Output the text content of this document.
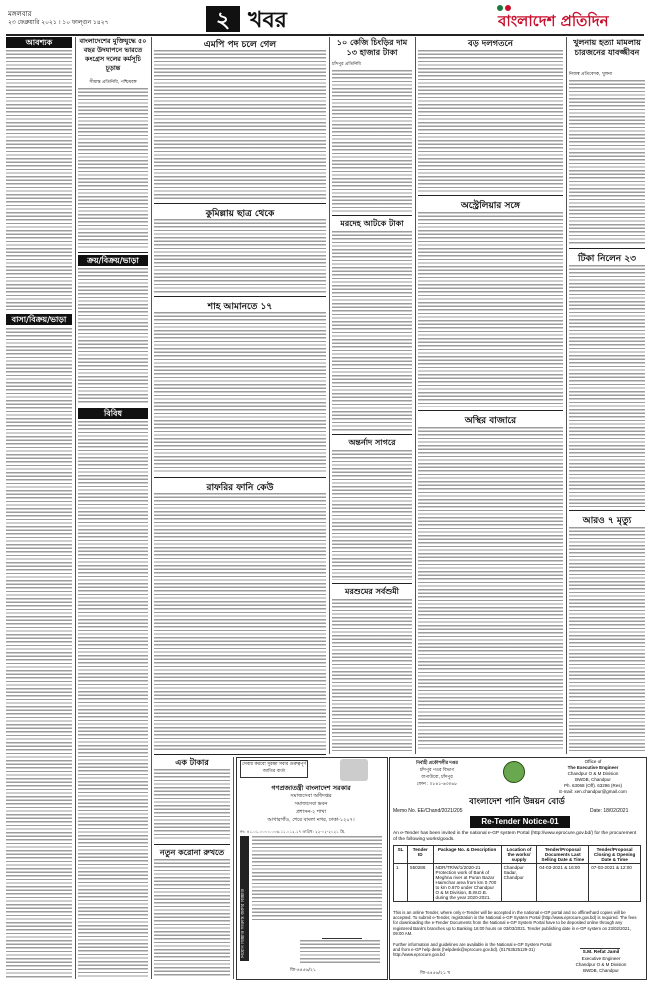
মঙ্গলবার
২৩ ফেব্রুয়ারি ২০২১ । ১০ ফাল্গুন ১৪২৭	২ খবর	বাংলাদেশ প্রতিদিন
আবশ্যক
বাসা/বিক্রয়/ভাড়া
বাংলাদেশের মুক্তিযুদ্ধে ৫০ বছর উদযাপনে ভারতে কংগ্রেস দলের কর্মসূচি চূড়ান্ত
সীমান্ত প্রতিনিধি, পশ্চিমবঙ্গ
ক্রয়/বিক্রয়/ভাড়া
বিবিধ
এমপি পদ চলে গেল
কুমিল্লায় ছাত্র থেকে
শাহ আমানতে ১৭
রাফরির ফানি কেউ
এক টাকার
নতুন করোনা রুখতে
সেবার করবো সুরক্ষা সবার গুরুত্বপূর্ণ জাতির বার্তা
গণপ্রজাতন্ত্রী বাংলাদেশ সরকার
সমাজসেবা অধিদপ্তর
সমাজসেবা ভবন
প্রশাসন-২ শাখা
আগারগাঁও, শেরে বাংলা নগর, ঢাকা-১২০৭।
নং: ৪১.০১.০০০০.০০৬.১১.০১২.১৭ তারিখ: ২২-০২-২০২১ খ্রি.
নিয়োগ বিজ্ঞপ্তি সংক্রান্ত জরুরি বিজ্ঞপ্তি
জি-৪৪৫৬/২১
১০ কেজি চিংড়ির দাম ১৩ হাজার টাকা
চাঁদপুর প্রতিনিধি
মরদেহ আটকে টাকা
অন্তর্নাদ সাগরে
মরশুমের সর্বশুমী
বড় দলগতনে
অস্ট্রেলিয়ার সঙ্গে
অস্থির বাজারে
খুলনায় হত্যা মামলায় চারজনের যাবজ্জীবন
নিজস্ব প্রতিবেদক, খুলনা
টিকা নিলেন ২৩
আরও ৭ মৃত্যু
নির্বাহী প্রকৌশলীর দপ্তর
চাঁদপুর পওর বিভাগ
বাপাউবো, চাঁদপুর
ফোন : ০৮৪১-৬৩০৬৮
Office of
The Executive Engineer
Chandpur O & M Division
BWDB, Chandpur
Ph. 63068 (Off). 63296 (Res)
E-mail: xen.chandpur@gmail.com
বাংলাদেশ পানি উন্নয়ন বোর্ড
Memo No. EE/Chand/2021/205	Date: 18/02/2021
Re-Tender Notice-01
An e-Tender has been invited in the national e-GP system Portal (http://www.eprocure.gov.bd/) for the procurement of the following works/goods.
SL	Tender ID	Package No. & Description	Location of the works/ supply	Tender/Proposal Documents Last Selling Date & Time	Tender/Proposal Closing & Opening Date & Time
1	550286	NDR/TR/W/1/2020-21 Protection work of Bank of Meghna river at Puran Bazar Haimchar area from km 0.700 to km 0.870 under Chandpur O & M Division, B.W.D.B. during the year 2020-2021.	Chandpur Sadar, Chandpur	04-03-2021 & 16:00	07-03-2021 & 12:00
This is an online Tender, where only e-Tender will be accepted in the national e-GP portal and no offline/hard copies will be accepted. To submit e-Tender, registration in the National e-GP System Portal (http://www.eprocure.gov.bd) is required. The fees for downloading the e-Tender Documents from the National e-GP System Portal have to be deposited online through any registered Bank's branches up to Banking 16:00 hours on 03/03/2021. Tender publishing date in e-GP system on 23/02/2021, 09:00 AM.
Further information and guidelines are available in the National e-GP System Portal and from e-GP help desk (helpdesk@eprocure.gov.bd). (01763525129-31) http://www.eprocure.gov.bd	S.M. Refat Jamil
Executive Engineer
Chandpur O & M Division
BWDB, Chandpur
জি-৪৪৫৬/২১ খ
